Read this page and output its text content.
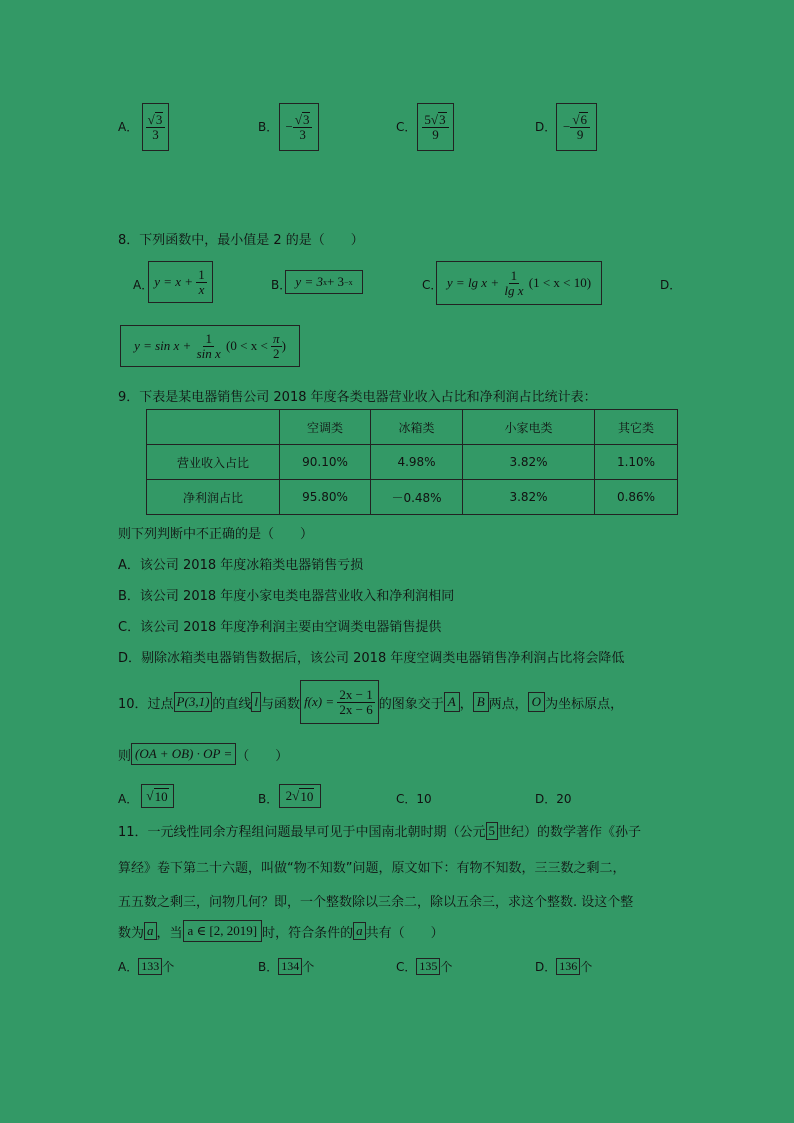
A． $\frac{√3}{3}$	B． − $\frac{√3}{3}$	C． $\frac{5√3}{9}$	D． − $\frac{√6}{9}$
8．下列函数中，最小值是 2 的是（　　）
A． y = x +
$\frac{1}{x}$	B． y = 3 x + 3 −x	C． y = lg x +
$\frac{1}{\text{lg x}}$
(1 < x < 10)	D．
y = sin x +
$\frac{1}{\text{sin x}}$
(0 < x <
$\frac{\pi}{2}$ )
9．下表是某电器销售公司 2018 年度各类电器营业收入占比和净利润占比统计表：
	空调类	冰箱类	小家电类	其它类
营业收入占比	90.10%	4.98%	3.82%	1.10%
净利润占比	95.80%	－0.48%	3.82%	0.86%
则下列判断中不正确的是（　　）
A．该公司 2018 年度冰箱类电器销售亏损
B．该公司 2018 年度小家电类电器营业收入和净利润相同
C．该公司 2018 年度净利润主要由空调类电器销售提供
D．剔除冰箱类电器销售数据后，该公司 2018 年度空调类电器销售净利润占比将会降低
10．过点 P(3,1) 的直线 l 与函数 f(x) =
$\frac{2x - 1}{2x - 6}$ 的图象交于 A ， B 两点， O 为坐标原点，
则 (OA + OB) · OP = （　　）
A． √ 10	B． 2 √ 10	C．10	D．20
11．一元线性同余方程组问题最早可见于中国南北朝时期（公元 5 世纪）的数学著作《孙子
算经》卷下第二十六题，叫做“物不知数”问题，原文如下：有物不知数，三三数之剩二，
五五数之剩三，问物几何？即，一个整数除以三余二，除以五余三，求这个整数. 设这个整
数为 a ，当 a ∈ [2, 2019] 时，符合条件的 a 共有（　　）
A． 133 个	B． 134 个	C． 135 个	D． 136 个
